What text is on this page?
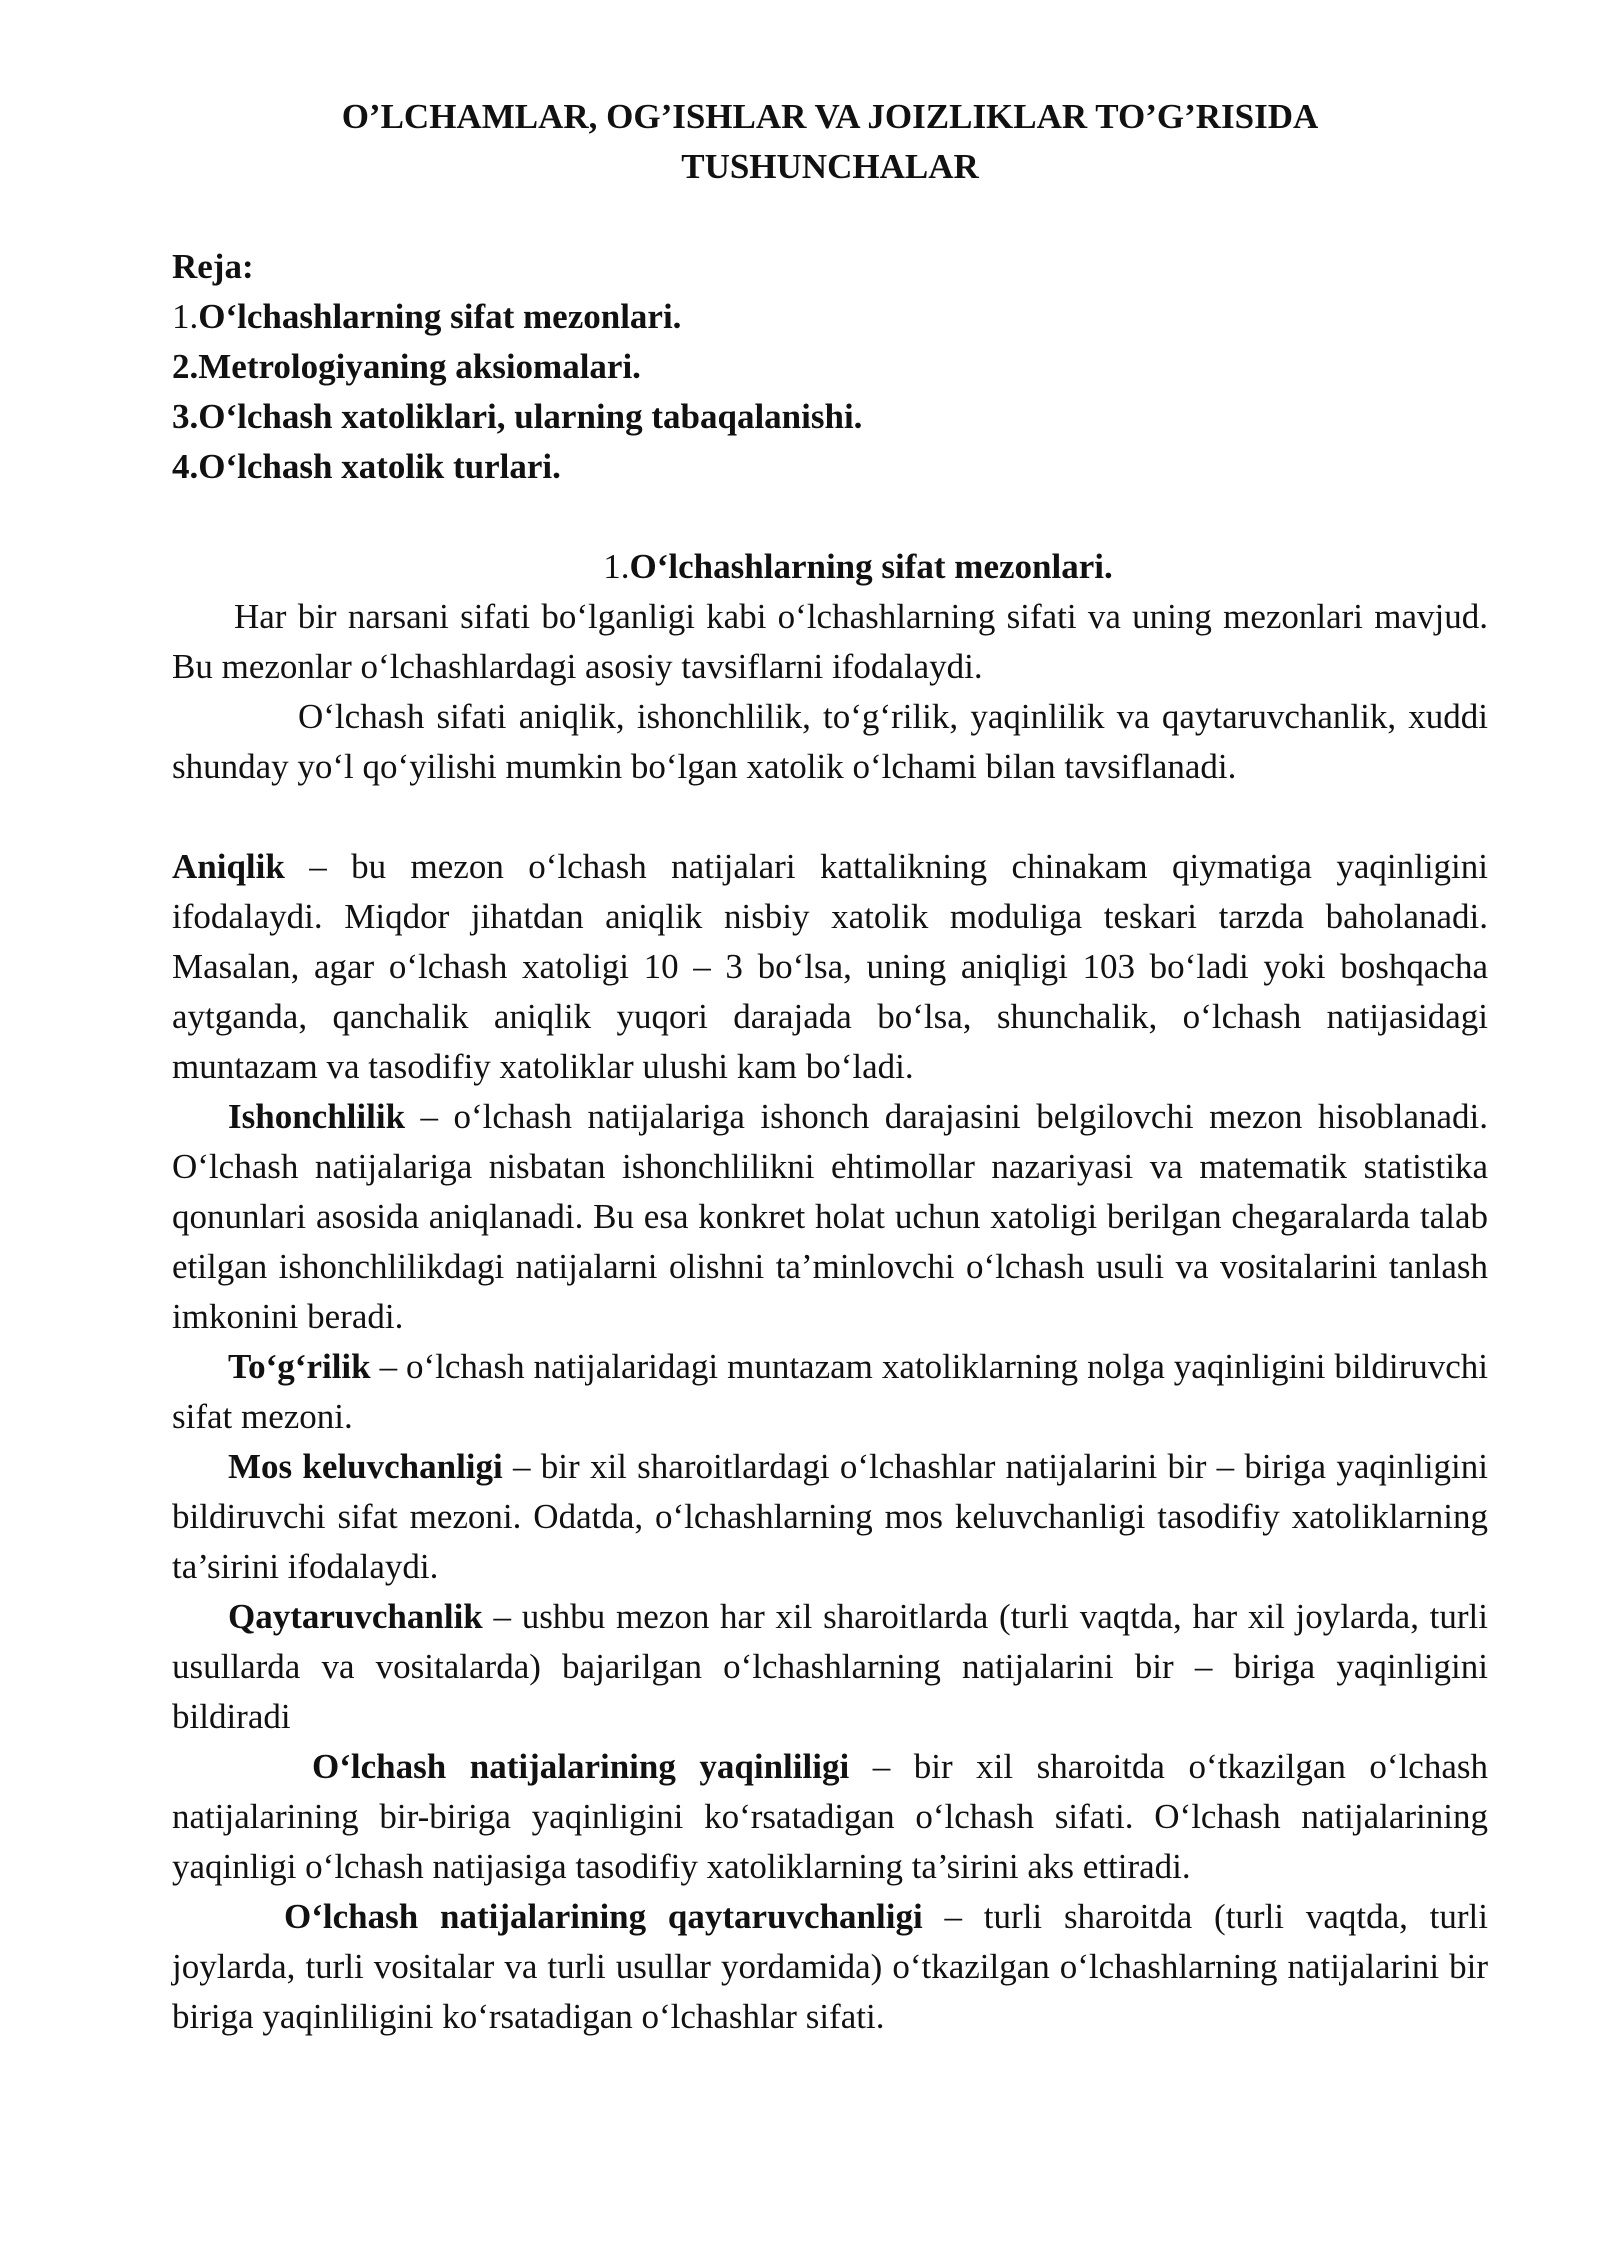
O’LCHAMLAR, OG’ISHLAR VA JOIZLIKLAR TO’G’RISIDA
TUSHUNCHALAR
Reja:
1.O‘lchashlarning sifat mezonlari.
2.Metrologiyaning aksiomalari.
3.O‘lchash xatoliklari, ularning tabaqalanishi.
4.O‘lchash xatolik turlari.
1.O‘lchashlarning sifat mezonlari.

Har bir narsani sifati bo‘lganligi kabi o‘lchashlarning sifati va uning mezonlari mavjud. Bu mezonlar o‘lchashlardagi asosiy tavsiflarni ifodalaydi.

O‘lchash sifati aniqlik, ishonchlilik, to‘g‘rilik, yaqinlilik va qaytaruvchanlik, xuddi shunday yo‘l qo‘yilishi mumkin bo‘lgan xatolik o‘lchami bilan tavsiflanadi.

Aniqlik – bu mezon o‘lchash natijalari kattalikning chinakam qiymatiga yaqinligini ifodalaydi. Miqdor jihatdan aniqlik nisbiy xatolik moduliga teskari tarzda baholanadi. Masalan, agar o‘lchash xatoligi 10 – 3 bo‘lsa, uning aniqligi 103 bo‘ladi yoki boshqacha aytganda, qanchalik aniqlik yuqori darajada bo‘lsa, shunchalik, o‘lchash natijasidagi muntazam va tasodifiy xatoliklar ulushi kam bo‘ladi.

Ishonchlilik – o‘lchash natijalariga ishonch darajasini belgilovchi mezon hisoblanadi. O‘lchash natijalariga nisbatan ishonchlilikni ehtimollar nazariyasi va matematik statistika qonunlari asosida aniqlanadi. Bu esa konkret holat uchun xatoligi berilgan chegaralarda talab etilgan ishonchlilikdagi natijalarni olishni ta’minlovchi o‘lchash usuli va vositalarini tanlash imkonini beradi.

To‘g‘rilik – o‘lchash natijalaridagi muntazam xatoliklarning nolga yaqinligini bildiruvchi sifat mezoni.

Mos keluvchanligi – bir xil sharoitlardagi o‘lchashlar natijalarini bir – biriga yaqinligini bildiruvchi sifat mezoni. Odatda, o‘lchashlarning mos keluvchanligi tasodifiy xatoliklarning ta’sirini ifodalaydi.

Qaytaruvchanlik – ushbu mezon har xil sharoitlarda (turli vaqtda, har xil joylarda, turli usullarda va vositalarda) bajarilgan o‘lchashlarning natijalarini bir – biriga yaqinligini bildiradi

O‘lchash natijalarining yaqinliligi – bir xil sharoitda o‘tkazilgan o‘lchash natijalarining bir-biriga yaqinligini ko‘rsatadigan o‘lchash sifati. O‘lchash natijalarining yaqinligi o‘lchash natijasiga tasodifiy xatoliklarning ta’sirini aks ettiradi.

O‘lchash natijalarining qaytaruvchanligi – turli sharoitda (turli vaqtda, turli joylarda, turli vositalar va turli usullar yordamida) o‘tkazilgan o‘lchashlarning natijalarini bir biriga yaqinliligini ko‘rsatadigan o‘lchashlar sifati.
